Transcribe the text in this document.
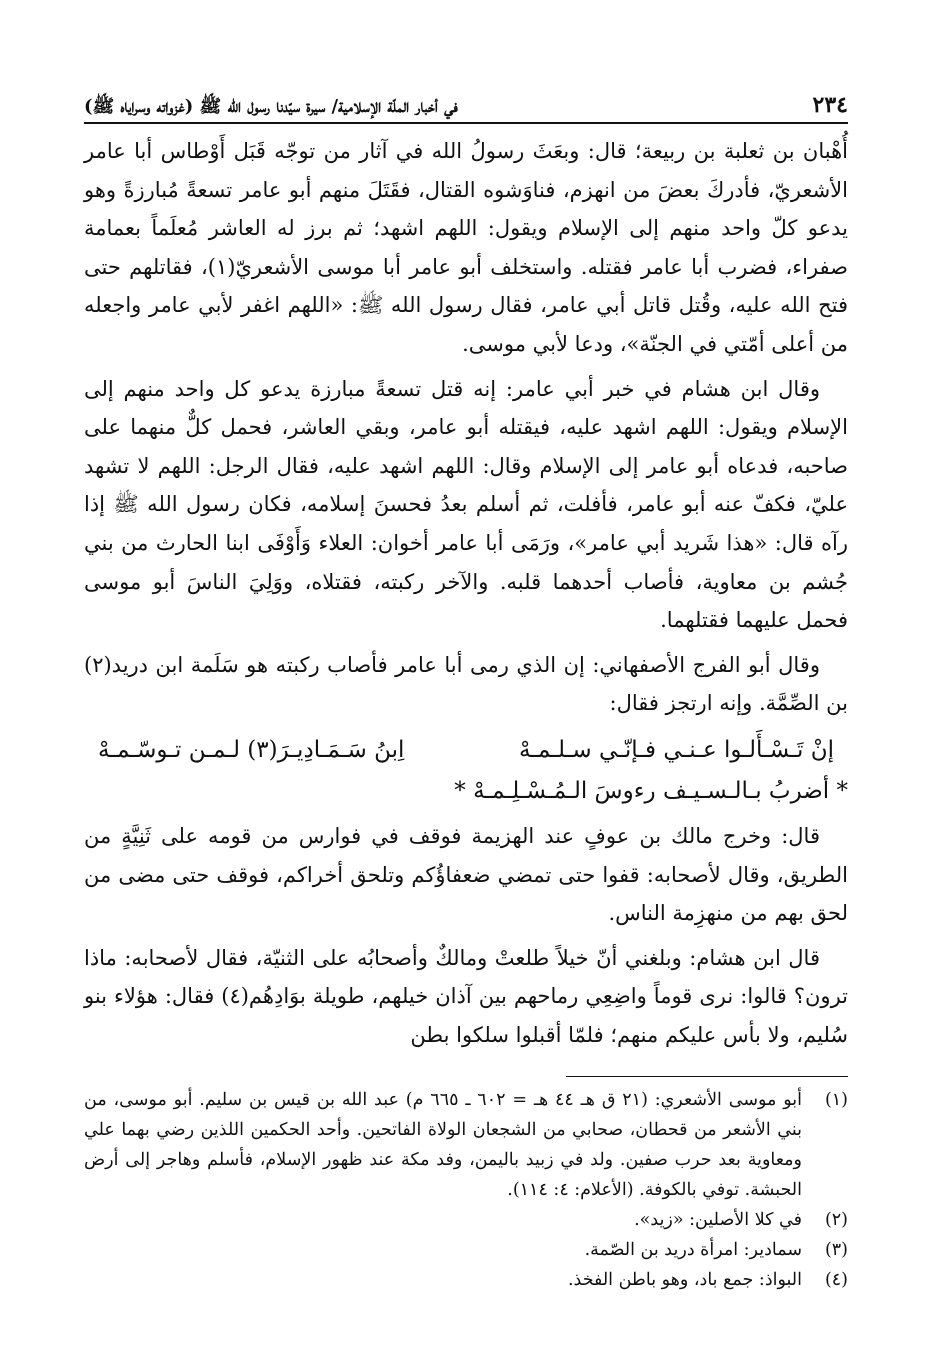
٢٣٤
في أخبار الملّة الإسلامية/ سيرة سيّدنا رسول الله ﷺ (غزواته وسراياه ﷺ)

أُهْبان بن ثعلبة بن ربيعة؛ قال: وبعَثَ رسولُ الله في آثار من توجّه قَبَل أَوْطاس أبا عامر الأشعريّ، فأدركَ بعضَ من انهزم، فناوَشوه القتال، فقَتَلَ منهم أبو عامر تسعةً مُبارزةً وهو يدعو كلّ واحد منهم إلى الإسلام ويقول: اللهم اشهد؛ ثم برز له العاشر مُعلَماً بعمامة صفراء، فضرب أبا عامر فقتله. واستخلف أبو عامر أبا موسى الأشعريّ(١)، فقاتلهم حتى فتح الله عليه، وقُتل قاتل أبي عامر، فقال رسول الله ﷺ: «اللهم اغفر لأبي عامر واجعله من أعلى أمّتي في الجنّة»، ودعا لأبي موسى.

وقال ابن هشام في خبر أبي عامر: إنه قتل تسعةً مبارزة يدعو كل واحد منهم إلى الإسلام ويقول: اللهم اشهد عليه، فيقتله أبو عامر، وبقي العاشر، فحمل كلٌّ منهما على صاحبه، فدعاه أبو عامر إلى الإسلام وقال: اللهم اشهد عليه، فقال الرجل: اللهم لا تشهد عليّ، فكفّ عنه أبو عامر، فأفلت، ثم أسلم بعدُ فحسنَ إسلامه، فكان رسول الله ﷺ إذا رآه قال: «هذا شَريد أبي عامر»، ورَمَى أبا عامر أخوان: العلاء وَأَوْفَى ابنا الحارث من بني جُشم بن معاوية، فأصاب أحدهما قلبه. والآخر ركبته، فقتلاه، ووَلِيَ الناسَ أبو موسى فحمل عليهما فقتلهما.

وقال أبو الفرج الأصفهاني: إن الذي رمى أبا عامر فأصاب ركبته هو سَلَمة ابن دريد(٢) بن الصِّمَّة. وإنه ارتجز فقال:

إنْ تَـسْـأَلـوا عـنـي فـإنّـي سـلـمـهْ
اِبنُ سَـمَـادِيـرَ(٣) لـمـن تـوسّـمـهْ
* أضربُ بـالـسـيـف رءوسَ الـمُـسْـلِـمـهْ *

قال: وخرج مالك بن عوفٍ عند الهزيمة فوقف في فوارس من قومه على ثَنِيَّةٍ من الطريق، وقال لأصحابه: قفوا حتى تمضي ضعفاؤُكم وتلحق أخراكم، فوقف حتى مضى من لحق بهم من منهزِمة الناس.

قال ابن هشام: وبلغني أنّ خيلاً طلعتْ ومالكٌ وأصحابُه على الثنيّة، فقال لأصحابه: ماذا ترون؟ قالوا: نرى قوماً واضِعِي رماحهم بين آذان خيلهم، طويلة بوَادِهُم(٤) فقال: هؤلاء بنو سُليم، ولا بأس عليكم منهم؛ فلمّا أقبلوا سلكوا بطن

(١)
أبو موسى الأشعري: (٢١ ق هـ ٤٤ هـ = ٦٠٢ ـ ٦٦٥ م) عبد الله بن قيس بن سليم. أبو موسى، من بني الأشعر من قحطان، صحابي من الشجعان الولاة الفاتحين. وأحد الحكمين اللذين رضي بهما علي ومعاوية بعد حرب صفين. ولد في زبيد باليمن، وفد مكة عند ظهور الإسلام، فأسلم وهاجر إلى أرض الحبشة. توفي بالكوفة. (الأعلام: ٤: ١١٤).
(٢)
في كلا الأصلين: «زيد».
(٣)
سمادير: امرأة دريد بن الصّمة.
(٤)
البواذ: جمع باد، وهو باطن الفخذ.
